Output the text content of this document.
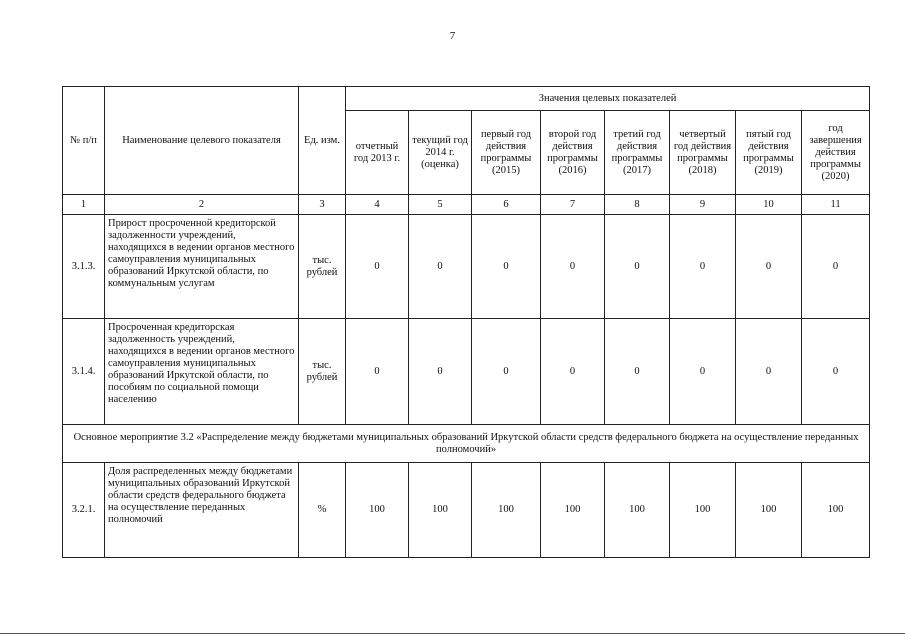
7
№ п/п	Наименование целевого показателя	Ед. изм.	Значения целевых показателей							
			отчетный год 2013 г.	текущий год 2014 г. (оценка)	первый год действия программы (2015)	второй год действия программы (2016)	третий год действия программы (2017)	четвертый год действия программы (2018)	пятый год действия программы (2019)	год завершения действия программы (2020)
1	2	3	4	5	6	7	8	9	10	11
3.1.3.	Прирост просроченной кредиторской задолженности учреждений, находящихся в ведении органов местного самоуправления муниципальных образований Иркутской области, по коммунальным услугам	тыс. рублей	0	0	0	0	0	0	0	0
3.1.4.	Просроченная кредиторская задолженность учреждений, находящихся в ведении органов местного самоуправления муниципальных образований Иркутской области, по пособиям по социальной помощи населению	тыс. рублей	0	0	0	0	0	0	0	0
Основное мероприятие 3.2 «Распределение между бюджетами муниципальных образований Иркутской области средств федерального бюджета на осуществление переданных полномочий»										
3.2.1.	Доля распределенных между бюджетами муниципальных образований Иркутской области средств федерального бюджета на осуществление переданных полномочий	%	100	100	100	100	100	100	100	100
